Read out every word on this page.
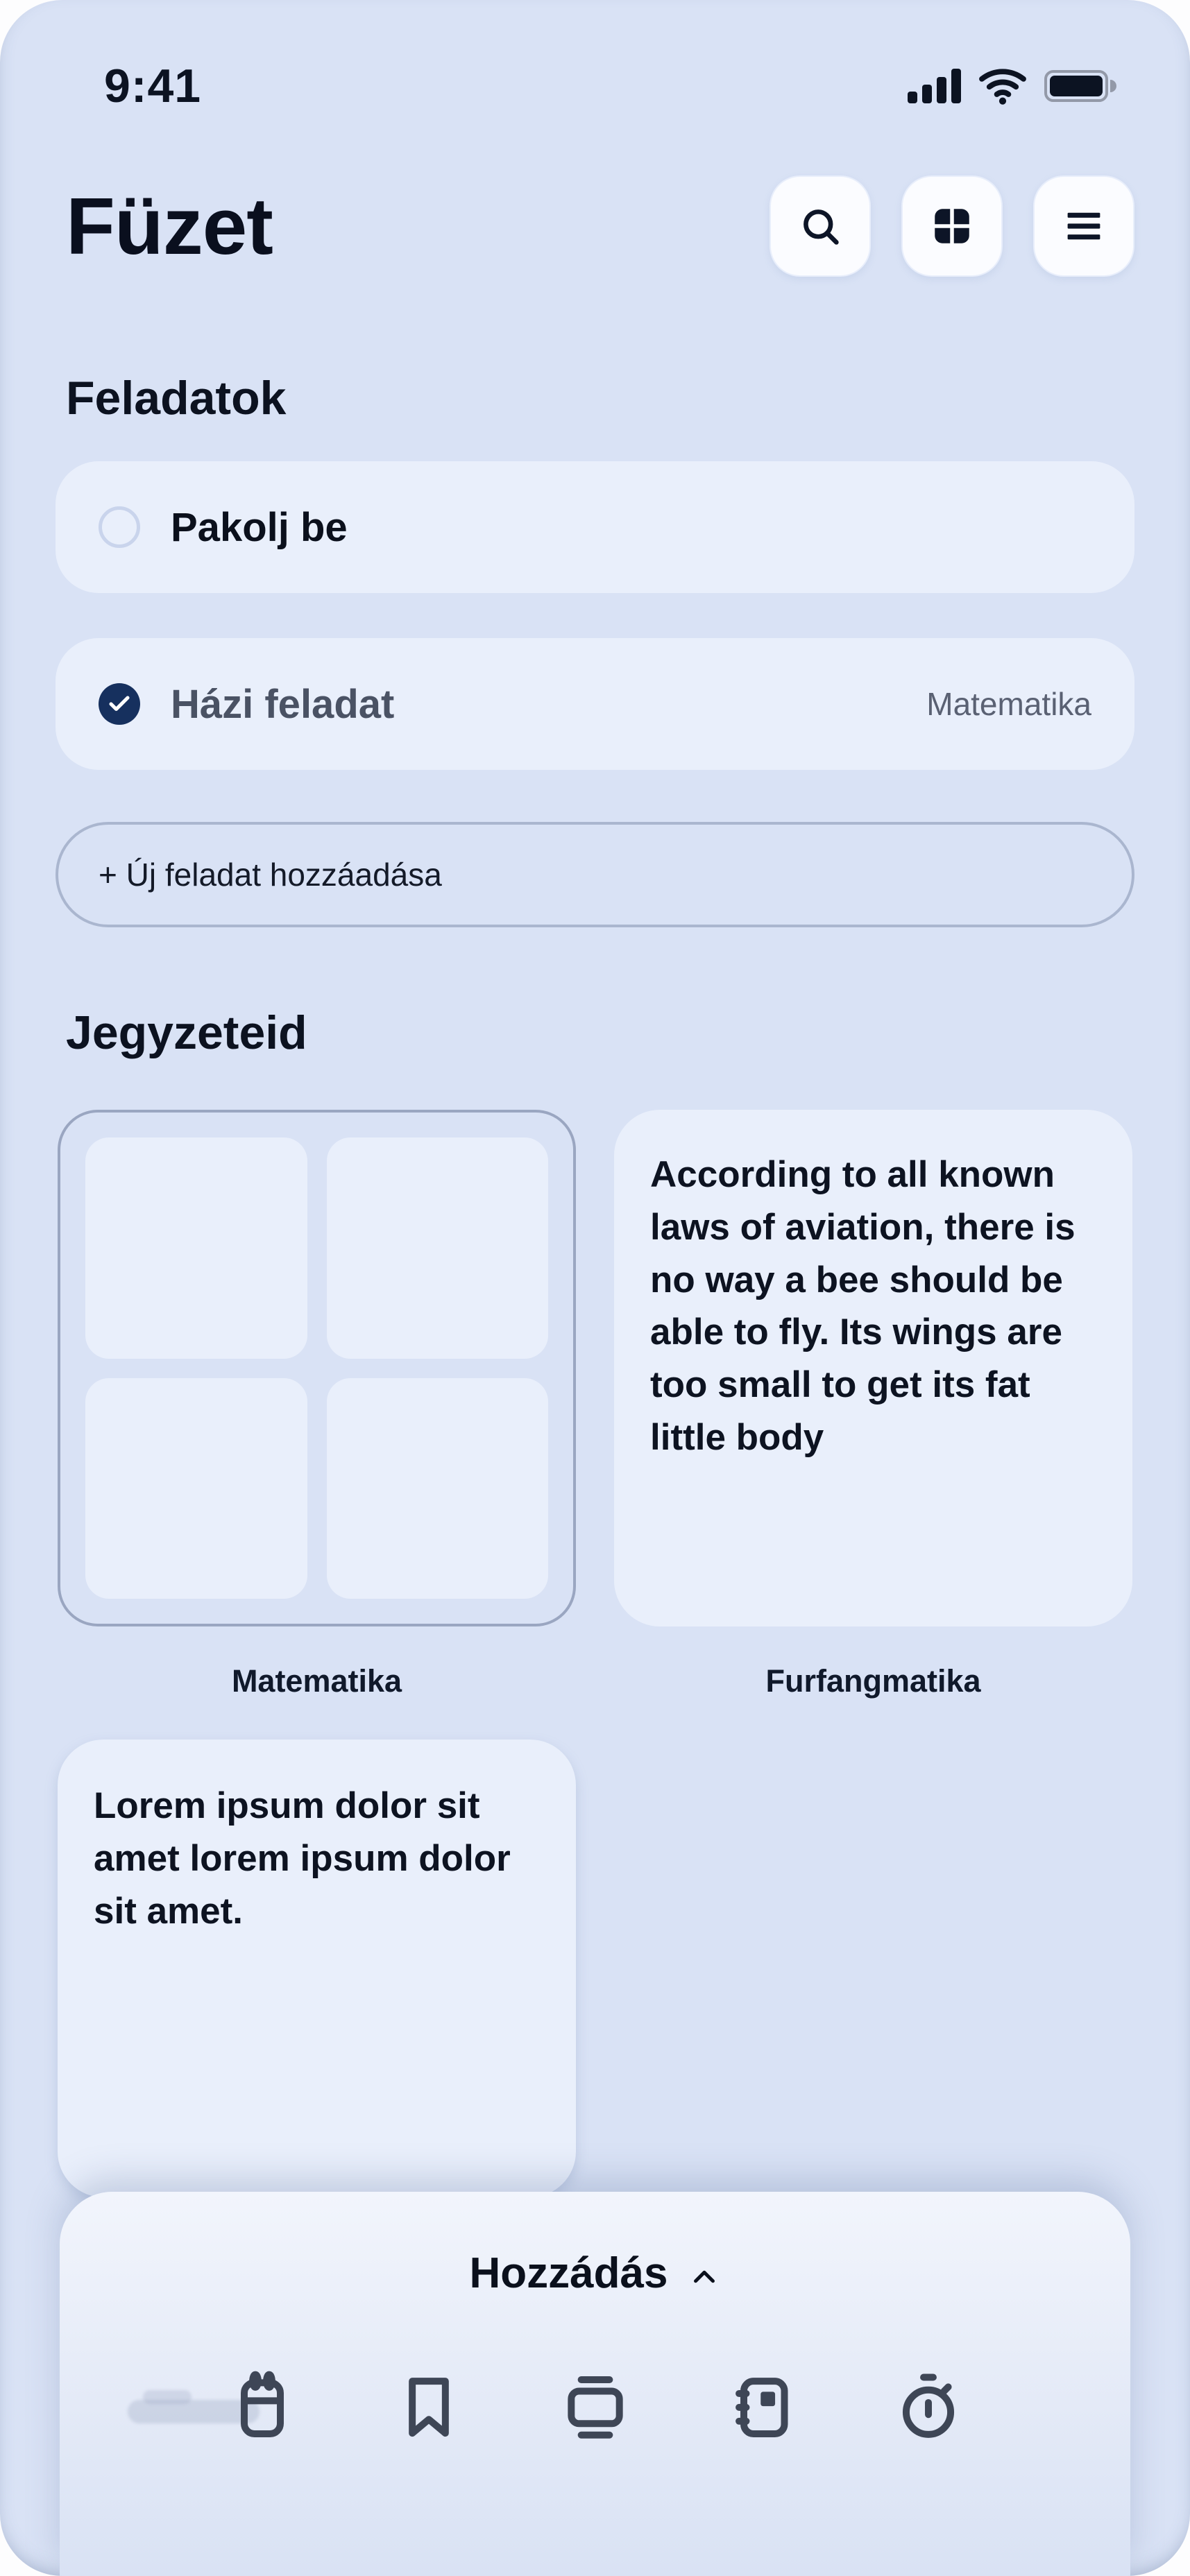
9:41
Füzet
Feladatok
Pakolj be
Házi feladat	Matematika
+ Új feladat hozzáadása
Jegyzeteid
According to all known laws of aviation, there is no way a bee should be able to fly. Its wings are too small to get its fat little body
Matematika	Furfangmatika
Lorem ipsum dolor sit amet lorem ipsum dolor sit amet.
Hozzádás
